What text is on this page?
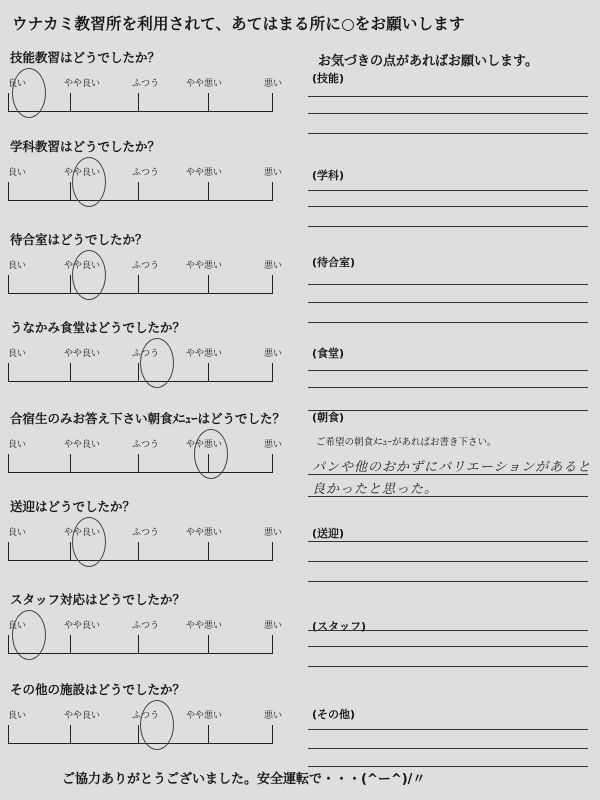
ウナカミ教習所を利用されて、あてはまる所に○をお願いします
お気づきの点があればお願いします。
技能教習はどうでしたか？
良い	やや良い	ふつう	やや悪い	悪い	(技能)
学科教習はどうでしたか？
良い	やや良い	ふつう	やや悪い	悪い	(学科)
待合室はどうでしたか？
良い	やや良い	ふつう	やや悪い	悪い	(待合室)
うなかみ食堂はどうでしたか？
良い	やや良い	ふつう	やや悪い	悪い	(食堂)
合宿生のみお答え下さい朝食ﾒﾆｭｰはどうでした？
良い	やや良い	ふつう	やや悪い	悪い
(朝食)
送迎はどうでしたか？
良い	やや良い	ふつう	やや悪い	悪い	(送迎)
スタッフ対応はどうでしたか？
良い	やや良い	ふつう	やや悪い	悪い	(スタッフ)
その他の施設はどうでしたか？
良い	やや良い	ふつう	やや悪い	悪い	(その他)
ご希望の朝食ﾒﾆｭｰがあればお書き下さい。
パンや他のおかずにバリエーションがあると
良かったと思った。
ご協力ありがとうございました。安全運転で・・・(^ー^)/〃
